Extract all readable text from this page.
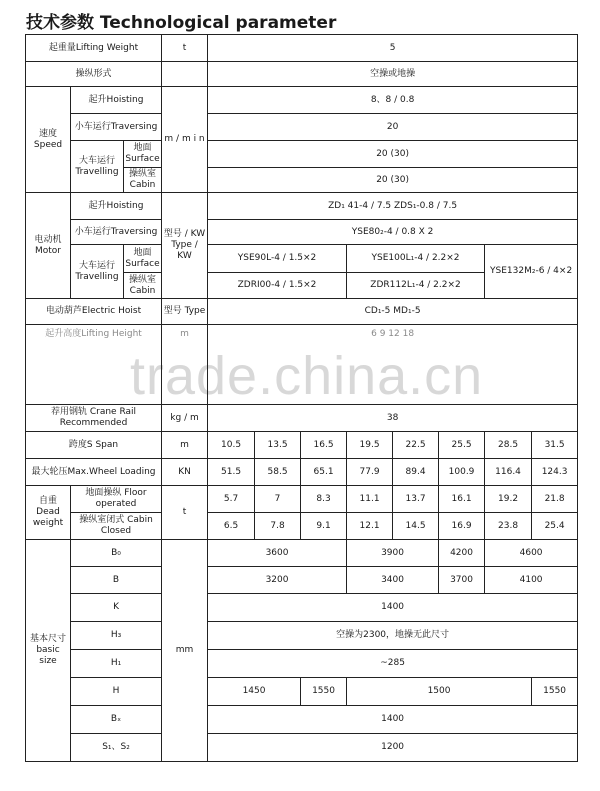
技术参数 Technological parameter
起重量Lifting Weight			t	5							
操纵形式				空操或地操							
速度 Speed	起升Hoisting		m / m i n	8、8 / 0.8							
	小车运行Traversing			20							
	大车运行 Travelling	地面 Surface		20 (30)							
		操纵室 Cabin		20 (30)							
电动机 Motor	起升Hoisting		型号 / KW Type / KW	ZD₁ 41-4 / 7.5 ZDS₁-0.8 / 7.5							
	小车运行Traversing			YSE80₂-4 / 0.8 X 2							
	大车运行 Travelling	地面 Surface		YSE90L-4 / 1.5×2			YSE100L₁-4 / 2.2×2			YSE132M₂-6 / 4×2	
		操纵室 Cabin		ZDRI00-4 / 1.5×2			ZDR112L₁-4 / 2.2×2				
电动葫芦Electric Hoist			型号 Type	CD₁-5 MD₁-5							
起升高度Lifting Height			m	6 9 12 18							
荐用钢轨 Crane Rail Recommended			kg / m	38							
跨度S Span			m	10.5	13.5	16.5	19.5	22.5	25.5	28.5	31.5
最大轮压Max.Wheel Loading			KN	51.5	58.5	65.1	77.9	89.4	100.9	116.4	124.3
自重 Dead weight	地面操纵 Floor operated		t	5.7	7	8.3	11.1	13.7	16.1	19.2	21.8
	操纵室闭式 Cabin Closed			6.5	7.8	9.1	12.1	14.5	16.9	23.8	25.4
基本尺寸 basic size	B₀		mm	3600			3900		4200	4600	
	B			3200			3400		3700	4100	
	K			1400							
	H₃			空操为2300，地操无此尺寸							
	H₁			~285							
	H			1450		1550	1500				1550
	Bₓ			1400							
	S₁、S₂			1200							
trade.china.cn
